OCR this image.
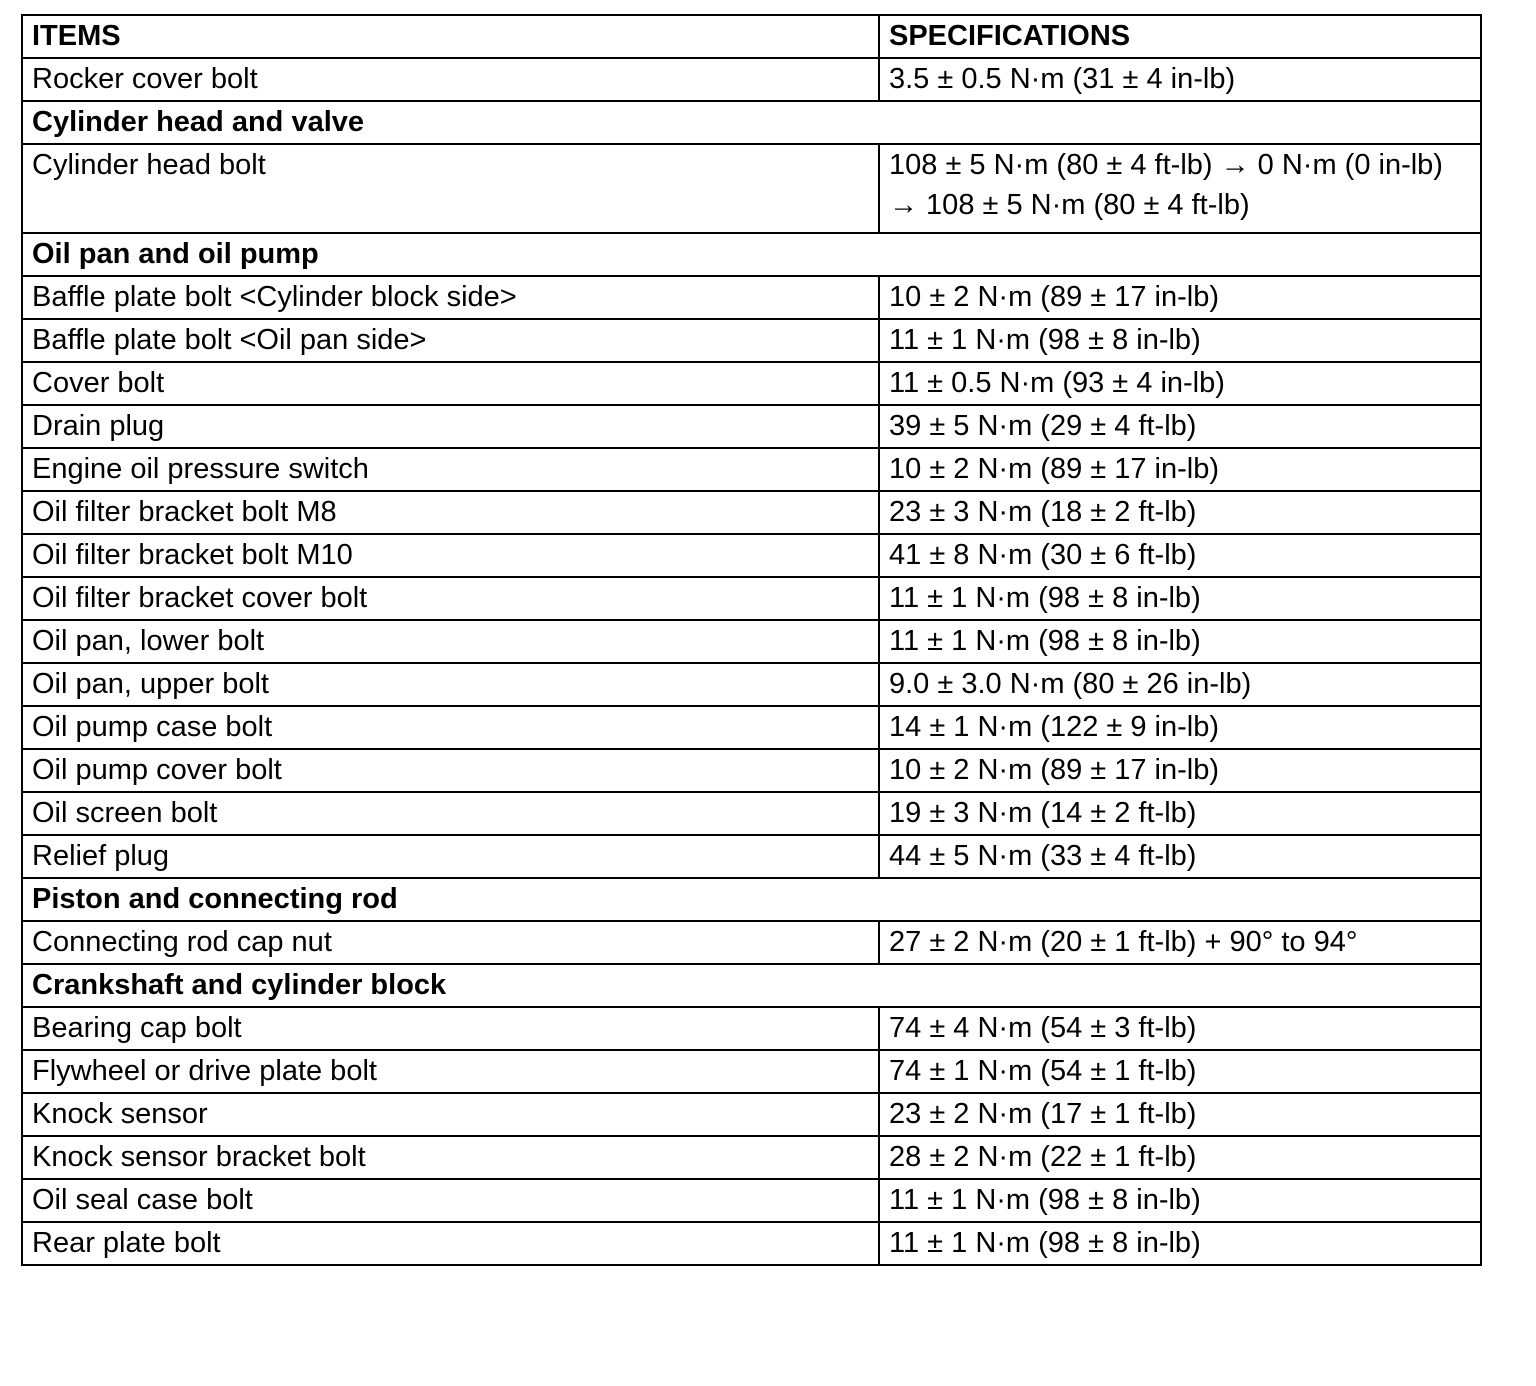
ITEMS	SPECIFICATIONS
Rocker cover bolt	3.5 ± 0.5 N·m (31 ± 4 in-lb)
Cylinder head and valve	
Cylinder head bolt	108 ± 5 N·m (80 ± 4 ft-lb) → 0 N·m (0 in-lb) → 108 ± 5 N·m (80 ± 4 ft-lb)
Oil pan and oil pump	
Baffle plate bolt <Cylinder block side>	10 ± 2 N·m (89 ± 17 in-lb)
Baffle plate bolt <Oil pan side>	11 ± 1 N·m (98 ± 8 in-lb)
Cover bolt	11 ± 0.5 N·m (93 ± 4 in-lb)
Drain plug	39 ± 5 N·m (29 ± 4 ft-lb)
Engine oil pressure switch	10 ± 2 N·m (89 ± 17 in-lb)
Oil filter bracket bolt M8	23 ± 3 N·m (18 ± 2 ft-lb)
Oil filter bracket bolt M10	41 ± 8 N·m (30 ± 6 ft-lb)
Oil filter bracket cover bolt	11 ± 1 N·m (98 ± 8 in-lb)
Oil pan, lower bolt	11 ± 1 N·m (98 ± 8 in-lb)
Oil pan, upper bolt	9.0 ± 3.0 N·m (80 ± 26 in-lb)
Oil pump case bolt	14 ± 1 N·m (122 ± 9 in-lb)
Oil pump cover bolt	10 ± 2 N·m (89 ± 17 in-lb)
Oil screen bolt	19 ± 3 N·m (14 ± 2 ft-lb)
Relief plug	44 ± 5 N·m (33 ± 4 ft-lb)
Piston and connecting rod	
Connecting rod cap nut	27 ± 2 N·m (20 ± 1 ft-lb) + 90° to 94°
Crankshaft and cylinder block	
Bearing cap bolt	74 ± 4 N·m (54 ± 3 ft-lb)
Flywheel or drive plate bolt	74 ± 1 N·m (54 ± 1 ft-lb)
Knock sensor	23 ± 2 N·m (17 ± 1 ft-lb)
Knock sensor bracket bolt	28 ± 2 N·m (22 ± 1 ft-lb)
Oil seal case bolt	11 ± 1 N·m (98 ± 8 in-lb)
Rear plate bolt	11 ± 1 N·m (98 ± 8 in-lb)
